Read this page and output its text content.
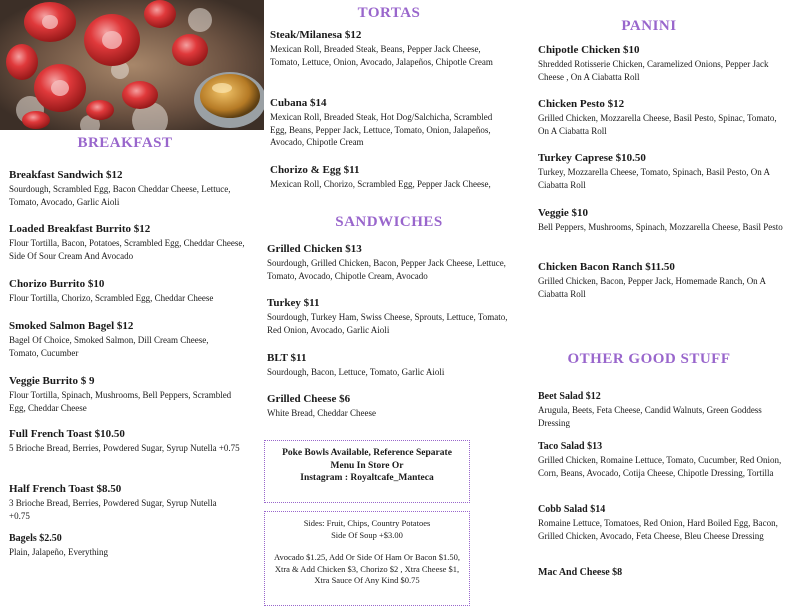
BREAKFAST
Breakfast Sandwich $12
Sourdough, Scrambled Egg, Bacon Cheddar Cheese, Lettuce, Tomato, Avocado, Garlic Aioli
Loaded Breakfast Burrito $12
Flour Tortilla, Bacon, Potatoes, Scrambled Egg, Cheddar Cheese, Side Of Sour Cream And Avocado
Chorizo Burrito $10
Flour Tortilla, Chorizo, Scrambled Egg, Cheddar Cheese
Smoked Salmon Bagel $12
Bagel Of Choice, Smoked Salmon, Dill Cream Cheese, Tomato, Cucumber
Veggie Burrito $ 9
Flour Tortilla, Spinach, Mushrooms, Bell Peppers, Scrambled Egg, Cheddar Cheese
Full French Toast $10.50
5 Brioche Bread, Berries, Powdered Sugar, Syrup Nutella +0.75
Half French Toast $8.50
3 Brioche Bread, Berries, Powdered Sugar, Syrup Nutella +0.75
Bagels $2.50
Plain, Jalapeño, Everything
TORTAS
Steak/Milanesa $12
Mexican Roll, Breaded Steak, Beans, Pepper Jack Cheese, Tomato, Lettuce, Onion, Avocado, Jalapeños, Chipotle Cream
Cubana $14
Mexican Roll, Breaded Steak, Hot Dog/Salchicha, Scrambled Egg, Beans, Pepper Jack, Lettuce, Tomato, Onion, Jalapeños, Avocado, Chipotle Cream
Chorizo & Egg $11
Mexican Roll, Chorizo, Scrambled Egg, Pepper Jack Cheese,
SANDWICHES
Grilled Chicken $13
Sourdough, Grilled Chicken, Bacon, Pepper Jack Cheese, Lettuce, Tomato, Avocado, Chipotle Cream, Avocado
Turkey $11
Sourdough, Turkey Ham, Swiss Cheese, Sprouts, Lettuce, Tomato, Red Onion, Avocado, Garlic Aioli
BLT $11
Sourdough, Bacon, Lettuce, Tomato, Garlic Aioli
Grilled Cheese $6
White Bread, Cheddar Cheese
Poke Bowls Available, Reference Separate
Menu In Store Or
Instagram : Royaltcafe_Manteca
Sides: Fruit, Chips, Country Potatoes
Side Of Soup +$3.00
Avocado $1.25, Add Or Side Of Ham Or Bacon $1.50,
Xtra & Add Chicken $3, Chorizo $2 , Xtra Cheese $1,
Xtra Sauce Of Any Kind $0.75
PANINI
Chipotle Chicken $10
Shredded Rotisserie Chicken, Caramelized Onions, Pepper Jack Cheese , On A Ciabatta Roll
Chicken Pesto $12
Grilled Chicken, Mozzarella Cheese, Basil Pesto, Spinac, Tomato, On A Ciabatta Roll
Turkey Caprese $10.50
Turkey, Mozzarella Cheese, Tomato, Spinach, Basil Pesto, On A Ciabatta Roll
Veggie $10
Bell Peppers, Mushrooms, Spinach, Mozzarella Cheese, Basil Pesto
Chicken Bacon Ranch $11.50
Grilled Chicken, Bacon, Pepper Jack, Homemade Ranch, On A Ciabatta Roll
OTHER GOOD STUFF
Beet Salad $12
Arugula, Beets, Feta Cheese, Candid Walnuts, Green Goddess Dressing
Taco Salad $13
Grilled Chicken, Romaine Lettuce, Tomato, Cucumber, Red Onion, Corn, Beans, Avocado, Cotija Cheese, Chipotle Dressing, Tortilla
Cobb Salad $14
Romaine Lettuce, Tomatoes, Red Onion, Hard Boiled Egg, Bacon, Grilled Chicken, Avocado, Feta Cheese, Bleu Cheese Dressing
Mac And Cheese $8
